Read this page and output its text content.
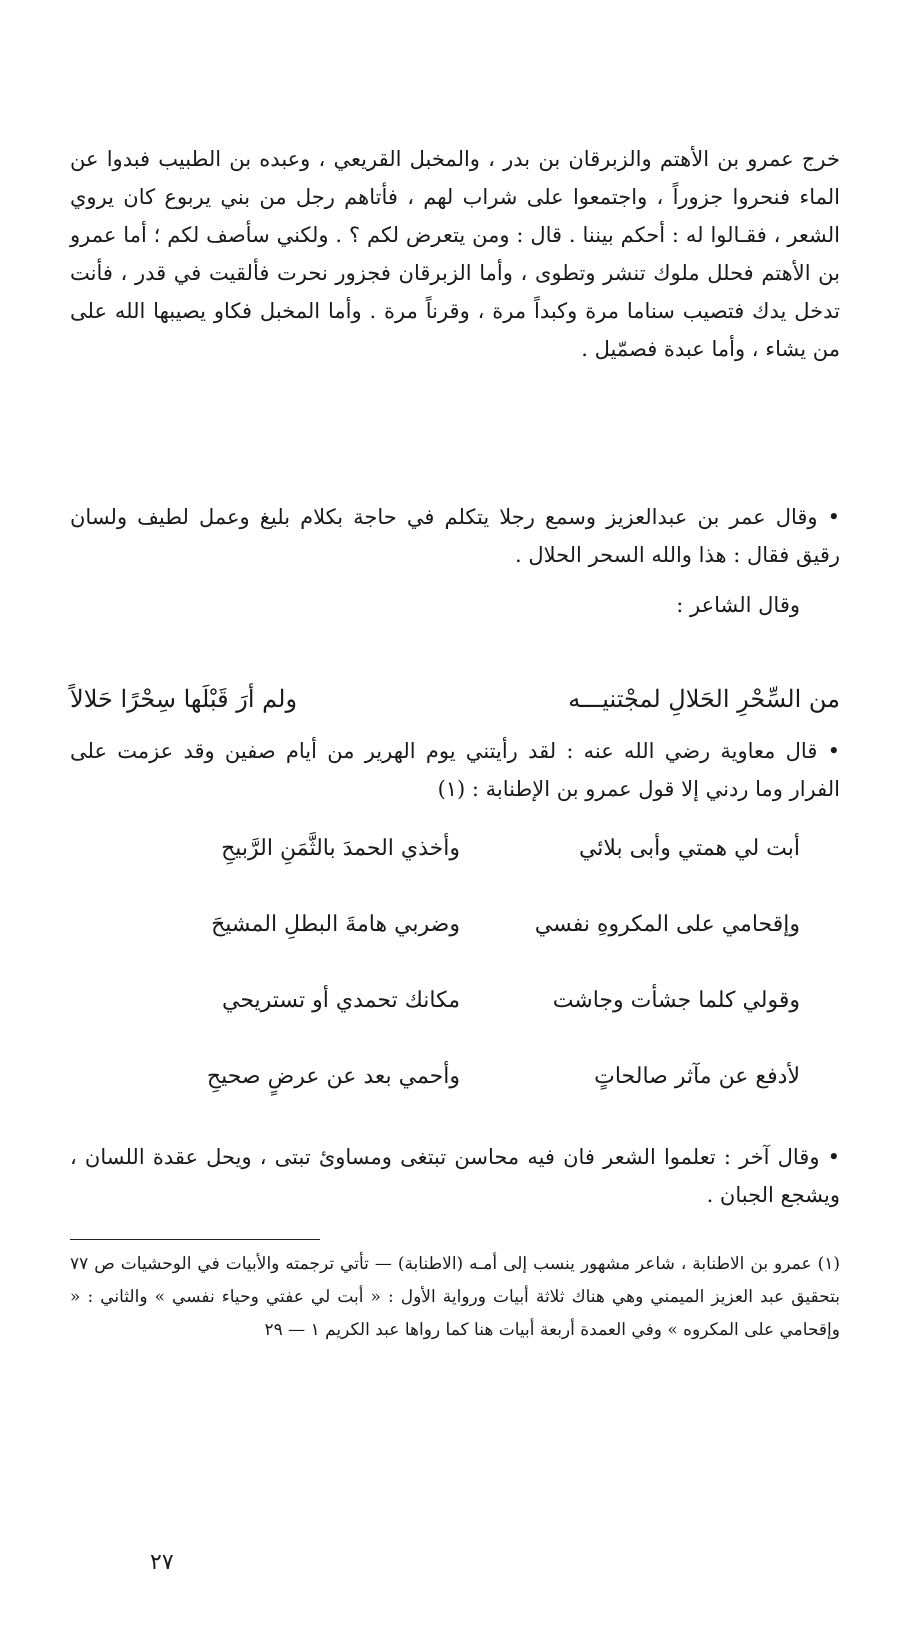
خرج عمرو بن الأهتم والزبرقان بن بدر ، والمخبل القريعي ، وعبده بن الطبيب فبدوا عن الماء فنحروا جزوراً ، واجتمعوا على شراب لهم ، فأتاهم رجل من بني يربوع كان يروي الشعر ، فقـالوا له : أحكم بيننا . قال : ومن يتعرض لكم ؟ . ولكني سأصف لكم ؛ أما عمرو بن الأهتم فحلل ملوك تنشر وتطوى ، وأما الزبرقان فجزور نحرت فألقيت في قدر ، فأنت تدخل يدك فتصيب سناما مرة وكبداً مرة ، وقرناً مرة . وأما المخبل فكاو يصيبها الله على من يشاء ، وأما عبدة فصمّيل .

• وقال عمر بن عبدالعزيز وسمع رجلا يتكلم في حاجة بكلام بليغ وعمل لطيف ولسان رقيق فقال : هذا والله السحر الحلال .

وقال الشاعر :

من السِّحْرِ الحَلالِ لمجْتنيـــه
ولم أرَ قَبْلَها سِحْرًا حَلالاً

• قال معاوية رضي الله عنه : لقد رأيتني يوم الهرير من أيام صفين وقد عزمت على الفرار وما ردني إلا قول عمرو بن الإطنابة : (١)

أبت لي همتي وأبى بلائي
وأخذي الحمدَ بالثَّمَنِ الرَّبيحِ
وإقحامي على المكروهِ نفسي
وضربي هامةَ البطلِ المشيحَ
وقولي كلما جشأت وجاشت
مكانك تحمدي أو تستريحي
لأدفع عن مآثر صالحاتٍ
وأحمي بعد عن عرضٍ صحيحِ

• وقال آخر : تعلموا الشعر فان فيه محاسن تبتغى ومساوئ تبتى ، ويحل عقدة اللسان ، ويشجع الجبان .

(١) عمرو بن الاطنابة ، شاعر مشهور ينسب إلى أمـه (الاطنابة) — تأتي ترجمته والأبيات في الوحشيات ص ٧٧ بتحقيق عبد العزيز الميمني وهي هناك ثلاثة أبيات ورواية الأول : « أبت لي عفتي وحياء نفسي » والثاني : « وإقحامي على المكروه » وفي العمدة أربعة أبيات هنا كما رواها عبد الكريم ١ — ٢٩

٢٧
